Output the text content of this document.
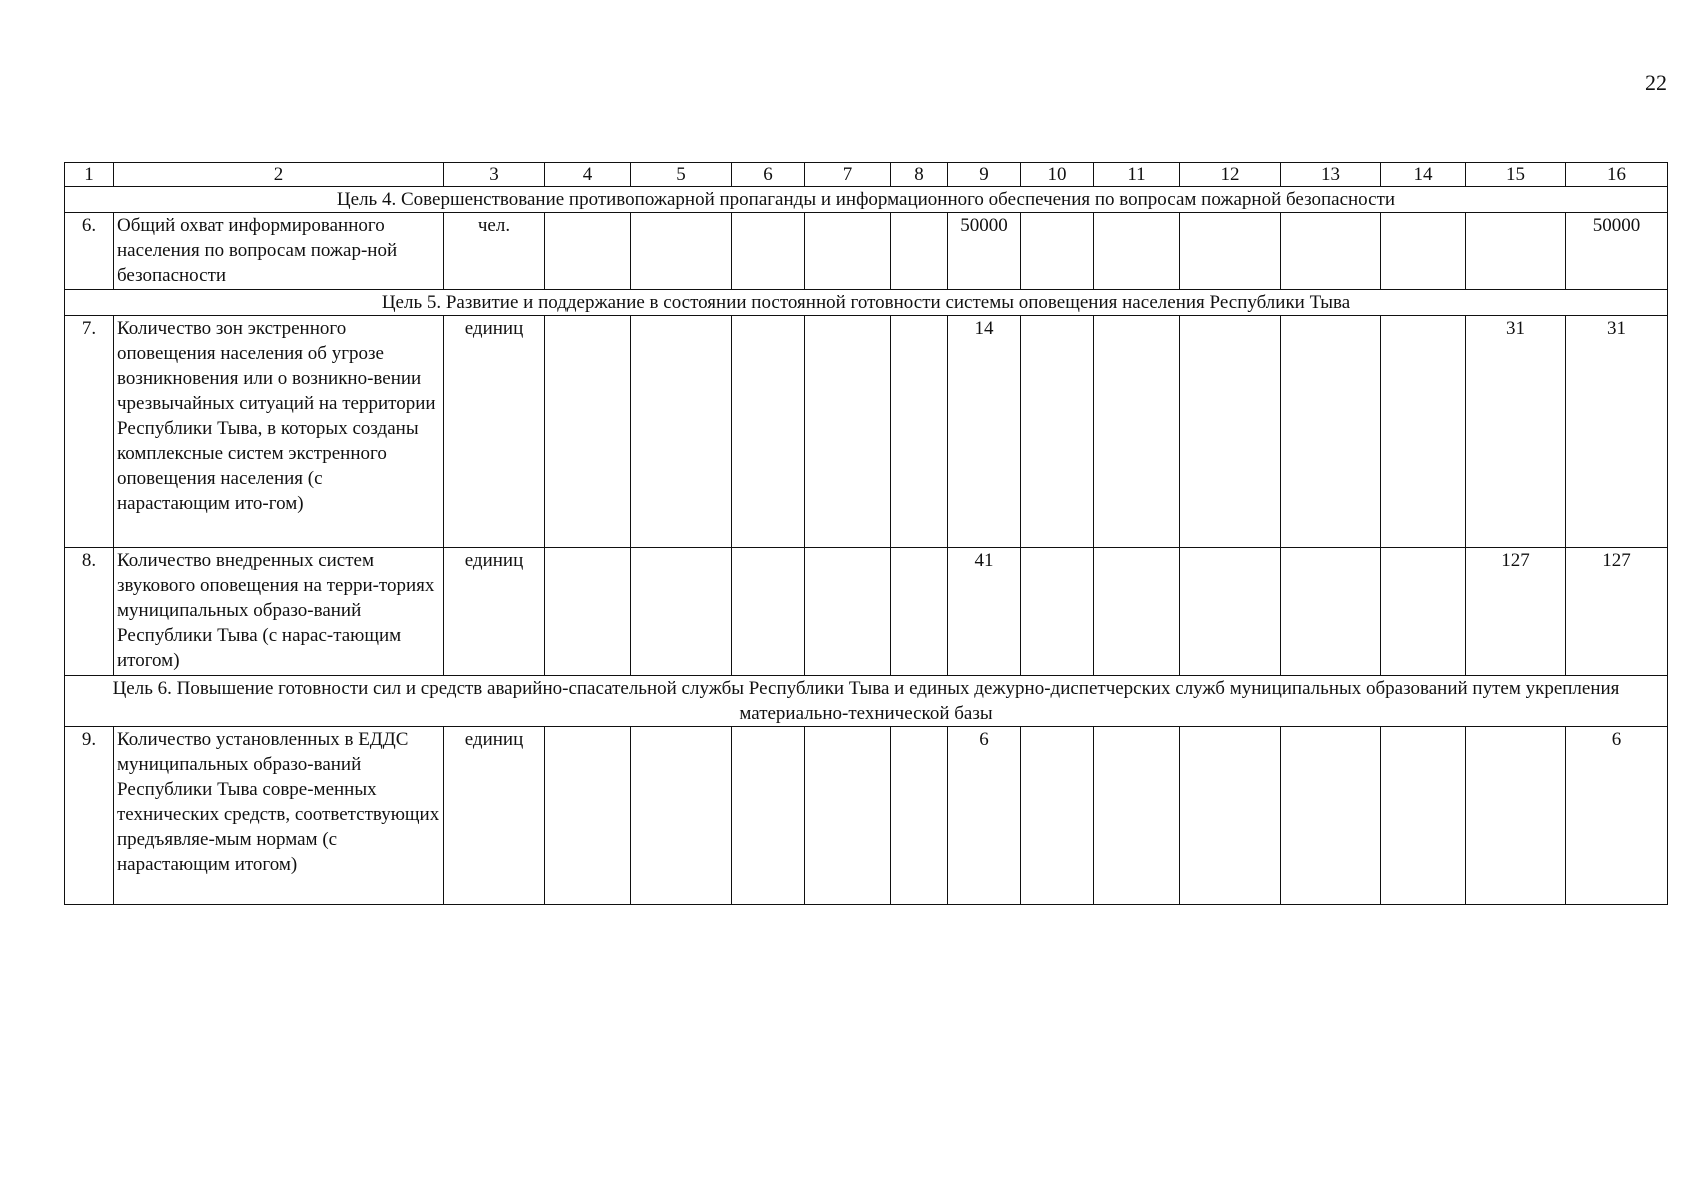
22
1	2	3	4	5	6	7	8	9	10	11	12	13	14	15	16
Цель 4. Совершенствование противопожарной пропаганды и информационного обеспечения по вопросам пожарной безопасности															
6.	Общий охват информированного населения по вопросам пожар-ной безопасности	чел.						50000							50000
Цель 5. Развитие и поддержание в состоянии постоянной готовности системы оповещения населения Республики Тыва															
7.	Количество зон экстренного оповещения населения об угрозе возникновения или о возникно-вении чрезвычайных ситуаций на территории Республики Тыва, в которых созданы комплексные систем экстренного оповещения населения (с нарастающим ито-гом)	единиц						14						31	31
8.	Количество внедренных систем звукового оповещения на терри-ториях муниципальных образо-ваний Республики Тыва (с нарас-тающим итогом)	единиц						41						127	127
Цель 6. Повышение готовности сил и средств аварийно-спасательной службы Республики Тыва и единых дежурно-диспетчерских служб муниципальных образований путем укрепления материально-технической базы															
9.	Количество установленных в ЕДДС муниципальных образо-ваний Республики Тыва совре-менных технических средств, соответствующих предъявляе-мым нормам (с нарастающим итогом)	единиц						6							6
